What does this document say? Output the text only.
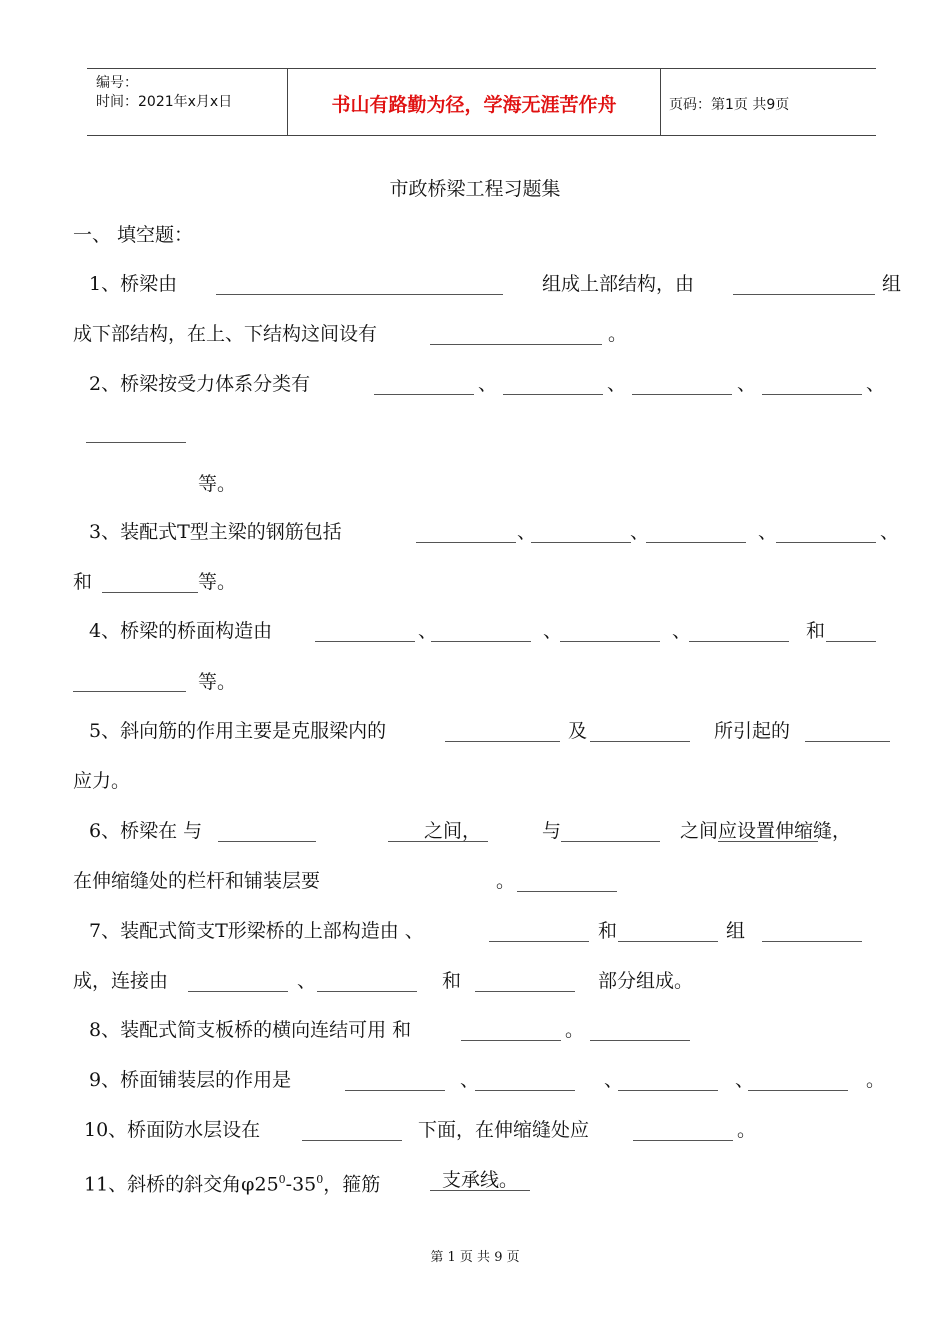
编号：
时间：2021年x月x日	书山有路勤为径，学海无涯苦作舟	页码：第1页 共9页
市政桥梁工程习题集
一、 填空题：
1、桥梁由	组成上部结构，由	组
成下部结构，在上、下结构这间设有	。
2、桥梁按受力体系分类有	、	、	、	、
等。
3、装配式T型主梁的钢筋包括	、	、	、	、
和	等。
4、桥梁的桥面构造由	、	、	、	和
等。
5、斜向筋的作用主要是克服梁内的	及	所引起的
应力。
6、桥梁在 与	之间，	与	之间应设置伸缩缝，
在伸缩缝处的栏杆和铺装层要	。
7、装配式简支T形梁桥的上部构造由 、	和	组
成，连接由	、	和	部分组成。
8、装配式简支板桥的横向连结可用 和	。
9、桥面铺装层的作用是	、	、	、	。
10、桥面防水层设在	下面，在伸缩缝处应	。
11、斜桥的斜交角$\varphi 25^0-35^0$，箍筋	支承线。
第 1 页 共 9 页
